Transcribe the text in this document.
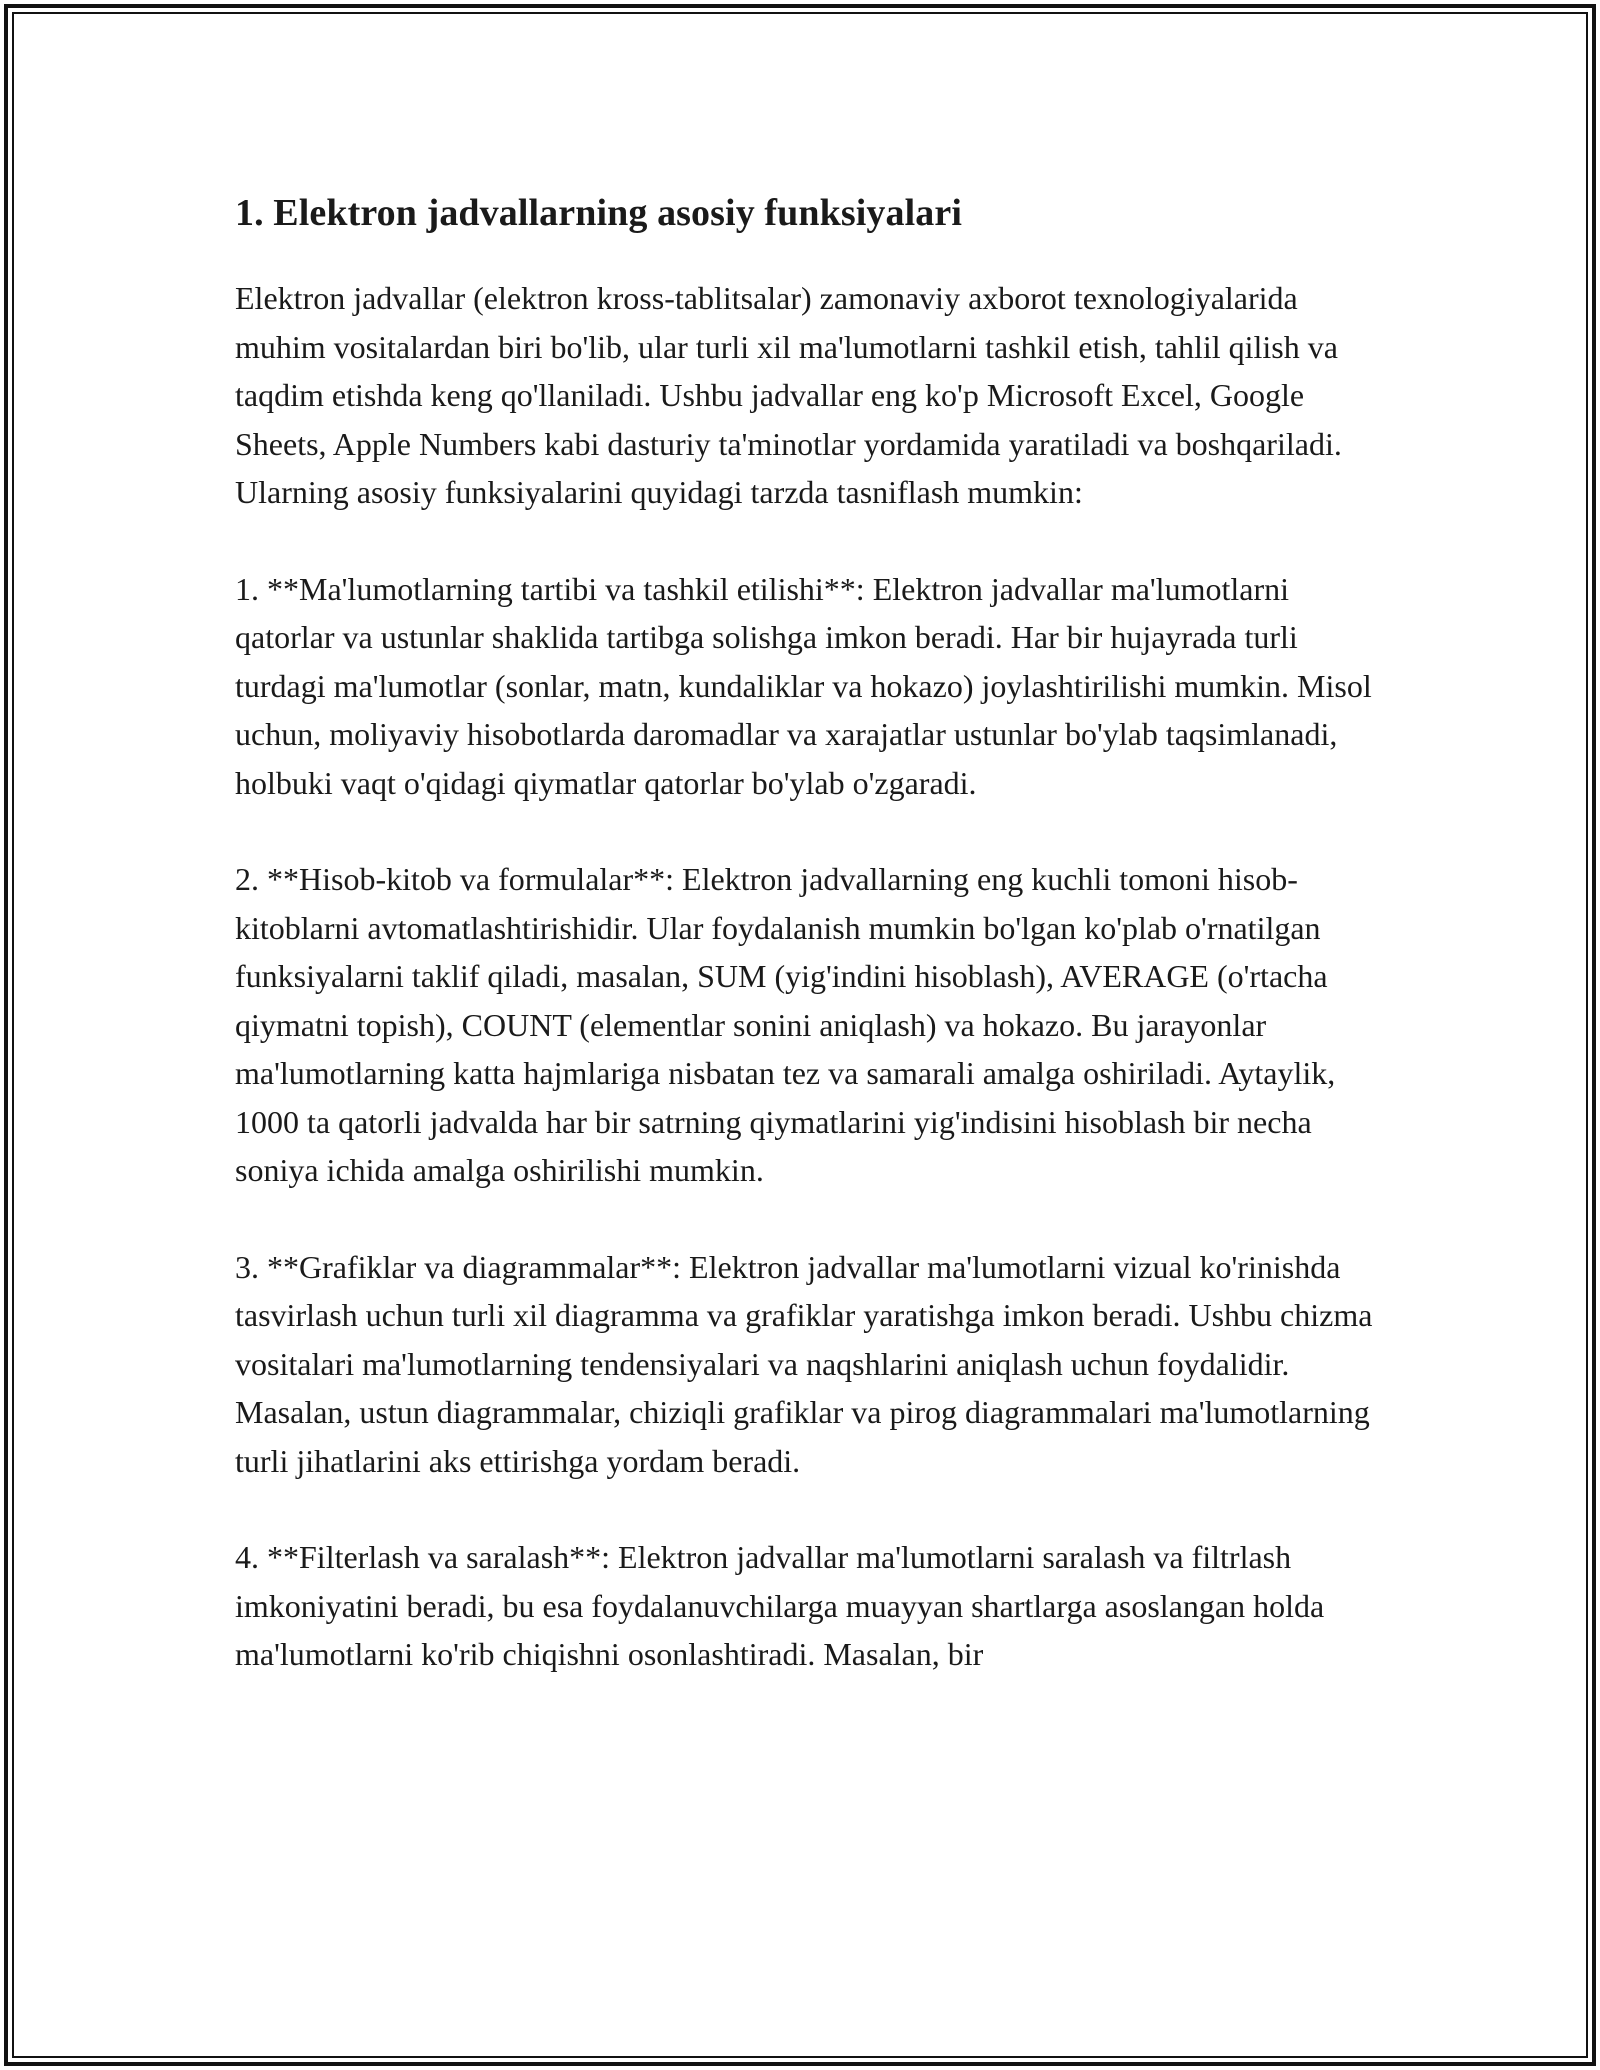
1. Elektron jadvallarning asosiy funksiyalari

Elektron jadvallar (elektron kross-tablitsalar) zamonaviy axborot texnologiyalarida muhim vositalardan biri bo'lib, ular turli xil ma'lumotlarni tashkil etish, tahlil qilish va taqdim etishda keng qo'llaniladi. Ushbu jadvallar eng ko'p Microsoft Excel, Google Sheets, Apple Numbers kabi dasturiy ta'minotlar yordamida yaratiladi va boshqariladi. Ularning asosiy funksiyalarini quyidagi tarzda tasniflash mumkin:

1. **Ma'lumotlarning tartibi va tashkil etilishi**: Elektron jadvallar ma'lumotlarni qatorlar va ustunlar shaklida tartibga solishga imkon beradi. Har bir hujayrada turli turdagi ma'lumotlar (sonlar, matn, kundaliklar va hokazo) joylashtirilishi mumkin. Misol uchun, moliyaviy hisobotlarda daromadlar va xarajatlar ustunlar bo'ylab taqsimlanadi, holbuki vaqt o'qidagi qiymatlar qatorlar bo'ylab o'zgaradi.

2. **Hisob-kitob va formulalar**: Elektron jadvallarning eng kuchli tomoni hisob-kitoblarni avtomatlashtirishidir. Ular foydalanish mumkin bo'lgan ko'plab o'rnatilgan funksiyalarni taklif qiladi, masalan, SUM (yig'indini hisoblash), AVERAGE (o'rtacha qiymatni topish), COUNT (elementlar sonini aniqlash) va hokazo. Bu jarayonlar ma'lumotlarning katta hajmlariga nisbatan tez va samarali amalga oshiriladi. Aytaylik, 1000 ta qatorli jadvalda har bir satrning qiymatlarini yig'indisini hisoblash bir necha soniya ichida amalga oshirilishi mumkin.

3. **Grafiklar va diagrammalar**: Elektron jadvallar ma'lumotlarni vizual ko'rinishda tasvirlash uchun turli xil diagramma va grafiklar yaratishga imkon beradi. Ushbu chizma vositalari ma'lumotlarning tendensiyalari va naqshlarini aniqlash uchun foydalidir. Masalan, ustun diagrammalar, chiziqli grafiklar va pirog diagrammalari ma'lumotlarning turli jihatlarini aks ettirishga yordam beradi.

4. **Filterlash va saralash**: Elektron jadvallar ma'lumotlarni saralash va filtrlash imkoniyatini beradi, bu esa foydalanuvchilarga muayyan shartlarga asoslangan holda ma'lumotlarni ko'rib chiqishni osonlashtiradi. Masalan, bir
